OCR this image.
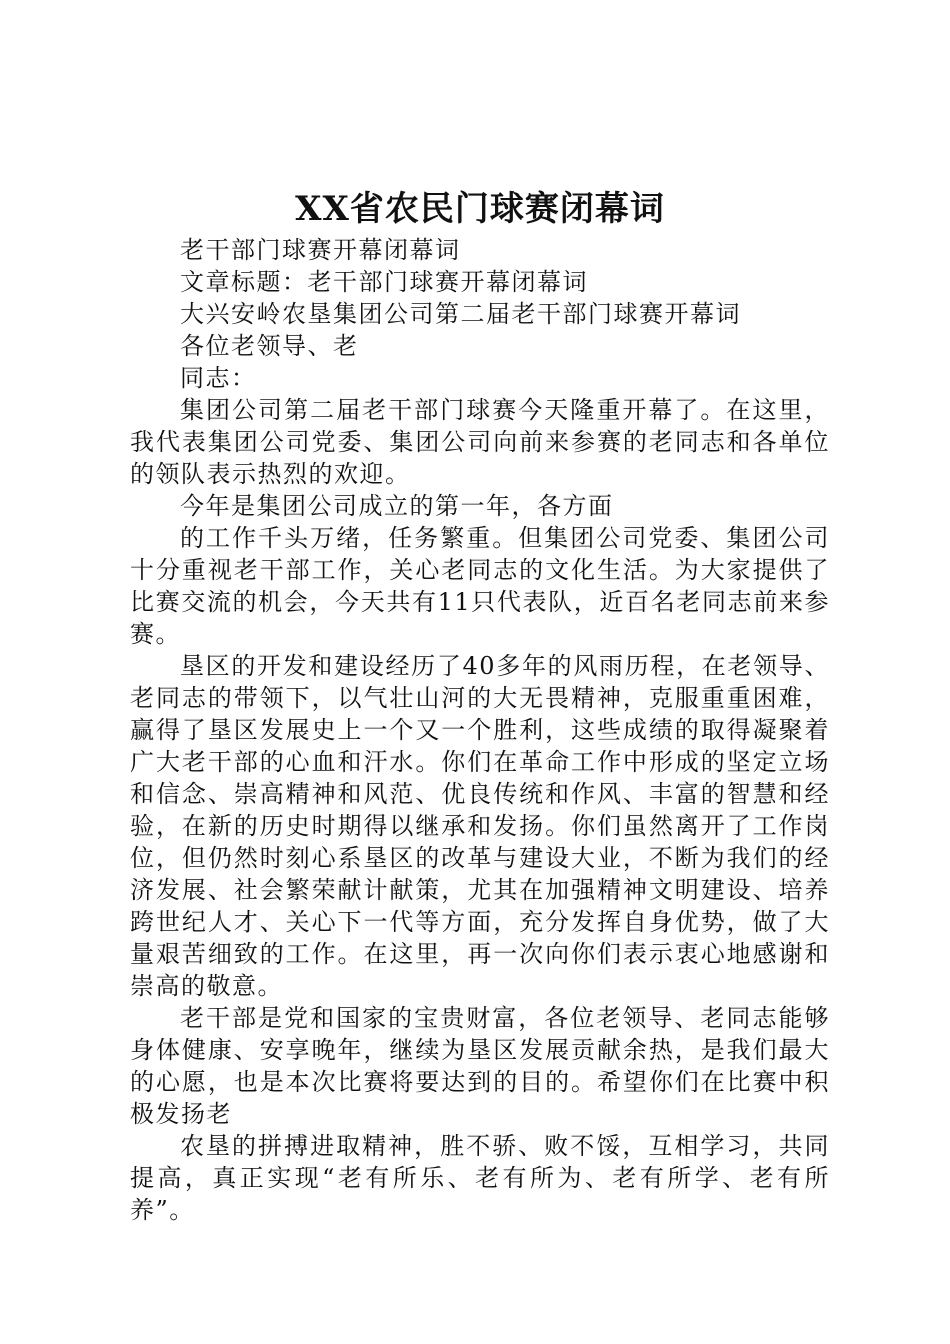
XX省农民门球赛闭幕词

老干部门球赛开幕闭幕词

文章标题：老干部门球赛开幕闭幕词

大兴安岭农垦集团公司第二届老干部门球赛开幕词

各位老领导、老

同志：

集团公司第二届老干部门球赛今天隆重开幕了。在这里，我代表集团公司党委、集团公司向前来参赛的老同志和各单位的领队表示热烈的欢迎。

今年是集团公司成立的第一年，各方面

的工作千头万绪，任务繁重。但集团公司党委、集团公司十分重视老干部工作，关心老同志的文化生活。为大家提供了比赛交流的机会，今天共有11只代表队，近百名老同志前来参赛。

垦区的开发和建设经历了40多年的风雨历程，在老领导、老同志的带领下，以气壮山河的大无畏精神，克服重重困难，赢得了垦区发展史上一个又一个胜利，这些成绩的取得凝聚着广大老干部的心血和汗水。你们在革命工作中形成的坚定立场和信念、崇高精神和风范、优良传统和作风、丰富的智慧和经验，在新的历史时期得以继承和发扬。你们虽然离开了工作岗位，但仍然时刻心系垦区的改革与建设大业，不断为我们的经济发展、社会繁荣献计献策，尤其在加强精神文明建设、培养跨世纪人才、关心下一代等方面，充分发挥自身优势，做了大量艰苦细致的工作。在这里，再一次向你们表示衷心地感谢和崇高的敬意。

老干部是党和国家的宝贵财富，各位老领导、老同志能够身体健康、安享晚年，继续为垦区发展贡献余热，是我们最大的心愿，也是本次比赛将要达到的目的。希望你们在比赛中积极发扬老

农垦的拼搏进取精神，胜不骄、败不馁，互相学习，共同提高，真正实现“老有所乐、老有所为、老有所学、老有所养”。
